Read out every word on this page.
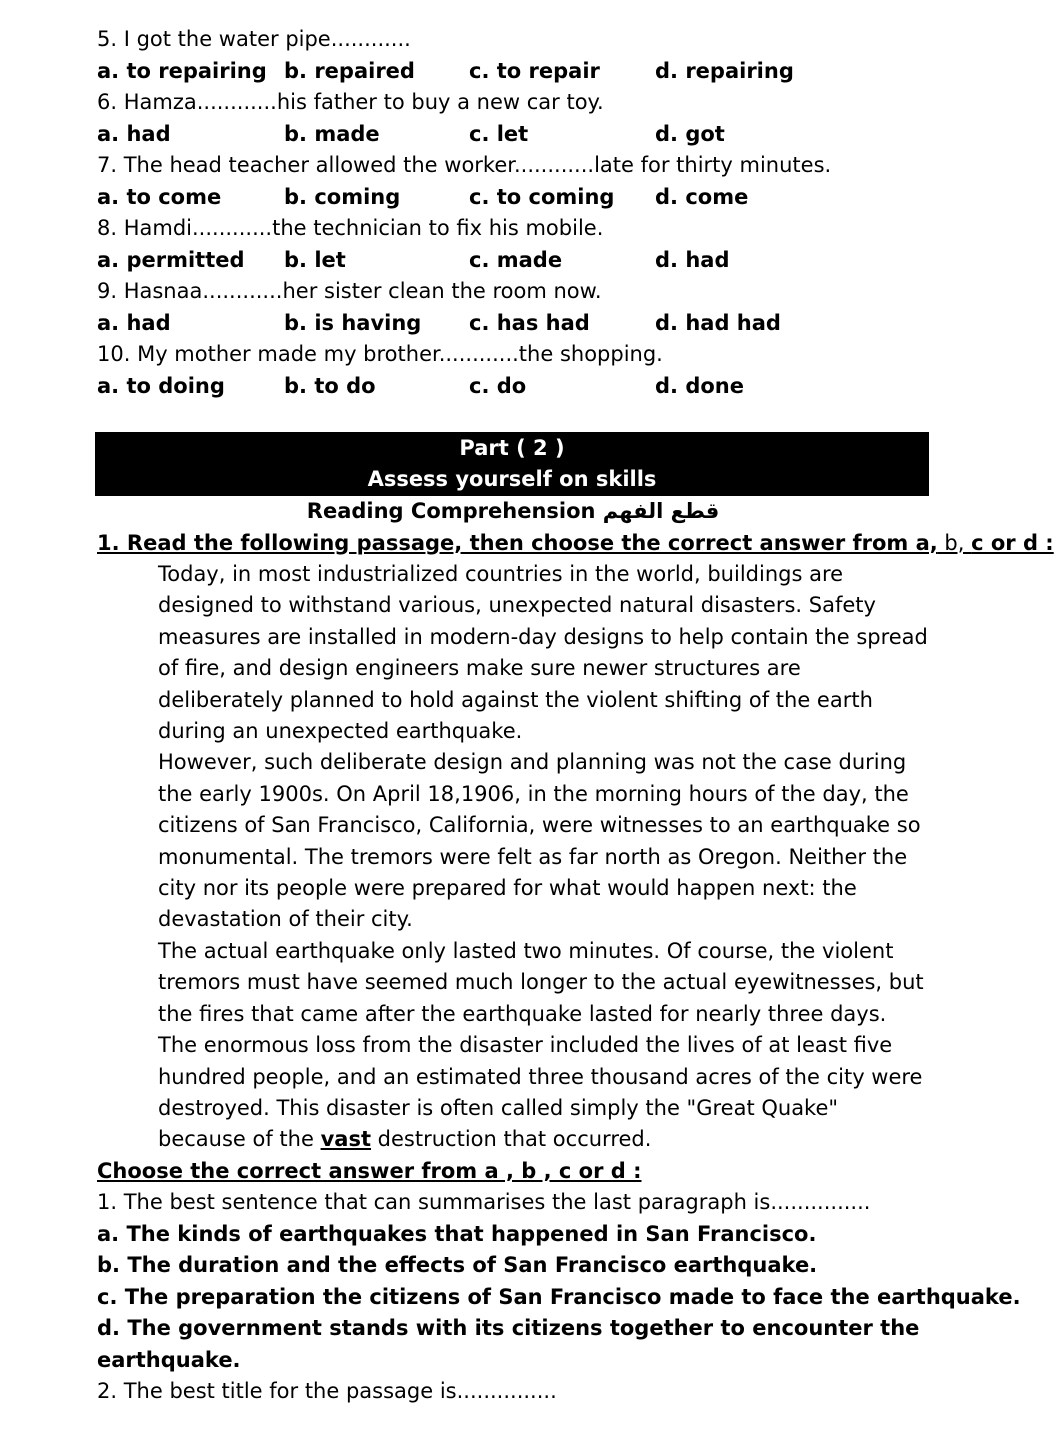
5. I got the water pipe............
a. to repairing b. repaired	c. to repair	d. repairing
6. Hamza............his father to buy a new car toy.
a. had	b. made	c. let	d. got
7. The head teacher allowed the worker............late for thirty minutes.
a. to come	b. coming	c. to coming d. come
8. Hamdi............the technician to fix his mobile.
a. permitted b. let	c. made	d. had
9. Hasnaa............her sister clean the room now.
a. had	b. is having c. has had	d. had had
10. My mother made my brother............the shopping.
a. to doing	b. to do	c. do	d. done
Part ( 2 )
Assess yourself on skills
Reading Comprehension قطع الفهم
1. Read the following passage, then choose the correct answer from a, b, c or d :

Today, in most industrialized countries in the world, buildings are designed to withstand various, unexpected natural disasters. Safety measures are installed in modern-day designs to help contain the spread of fire, and design engineers make sure newer structures are deliberately planned to hold against the violent shifting of the earth during an unexpected earthquake.

However, such deliberate design and planning was not the case during the early 1900s. On April 18,1906, in the morning hours of the day, the citizens of San Francisco, California, were witnesses to an earthquake so monumental. The tremors were felt as far north as Oregon. Neither the city nor its people were prepared for what would happen next: the devastation of their city.

The actual earthquake only lasted two minutes. Of course, the violent tremors must have seemed much longer to the actual eyewitnesses, but the fires that came after the earthquake lasted for nearly three days. The enormous loss from the disaster included the lives of at least five hundred people, and an estimated three thousand acres of the city were destroyed. This disaster is often called simply the "Great Quake" because of the vast destruction that occurred.

Choose the correct answer from a , b , c or d :
1. The best sentence that can summarises the last paragraph is...............
a. The kinds of earthquakes that happened in San Francisco.
b. The duration and the effects of San Francisco earthquake.
c. The preparation the citizens of San Francisco made to face the earthquake.
d. The government stands with its citizens together to encounter the earthquake.
2. The best title for the passage is...............
